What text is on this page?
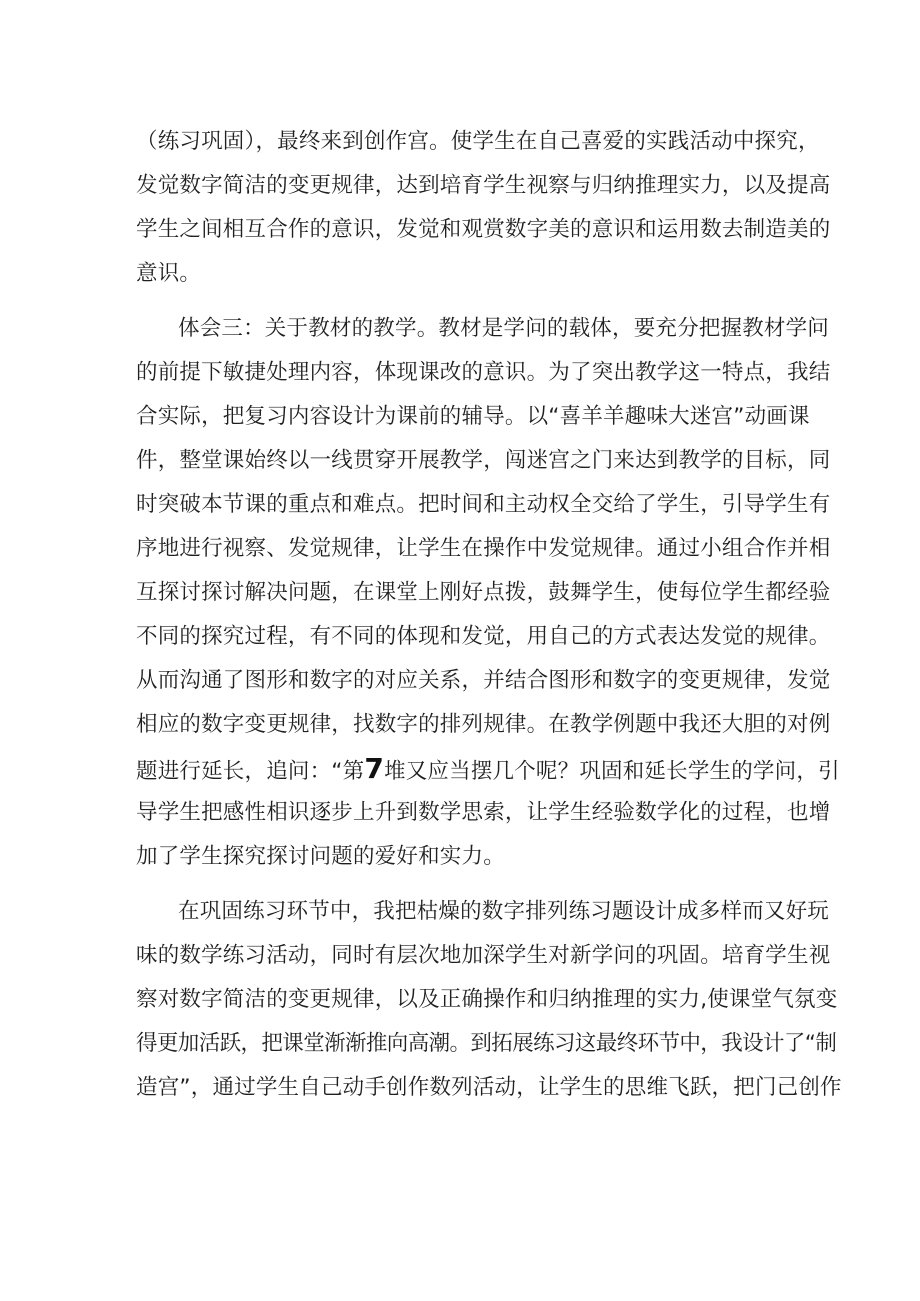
（练习巩固），最终来到创作宫。使学生在自己喜爱的实践活动中探究，
发觉数字简洁的变更规律，达到培育学生视察与归纳推理实力，以及提高
学生之间相互合作的意识，发觉和观赏数字美的意识和运用数去制造美的
意识。
体会三：关于教材的教学。教材是学问的载体，要充分把握教材学问
的前提下敏捷处理内容，体现课改的意识。为了突出教学这一特点，我结
合实际，把复习内容设计为课前的辅导。以“喜羊羊趣味大迷宫”动画课
件，整堂课始终以一线贯穿开展教学，闯迷宫之门来达到教学的目标，同
时突破本节课的重点和难点。把时间和主动权全交给了学生，引导学生有
序地进行视察、发觉规律，让学生在操作中发觉规律。通过小组合作并相
互探讨探讨解决问题，在课堂上刚好点拨，鼓舞学生，使每位学生都经验
不同的探究过程，有不同的体现和发觉，用自己的方式表达发觉的规律。
从而沟通了图形和数字的对应关系，并结合图形和数字的变更规律，发觉
相应的数字变更规律，找数字的排列规律。在教学例题中我还大胆的对例
题进行延长，追问：“第 7 堆又应当摆几个呢？巩固和延长学生的学问，引
导学生把感性相识逐步上升到数学思索，让学生经验数学化的过程，也增
加了学生探究探讨问题的爱好和实力。
在巩固练习环节中，我把枯燥的数字排列练习题设计成多样而又好玩
味的数学练习活动，同时有层次地加深学生对新学问的巩固。培育学生视
察对数字简洁的变更规律，以及正确操作和归纳推理的实力,使课堂气氛变
得更加活跃，把课堂渐渐推向高潮。到拓展练习这最终环节中，我设计了“制
造宫”，通过学生自己动手创作数列活动，让学生的思维飞跃，把门己创作
